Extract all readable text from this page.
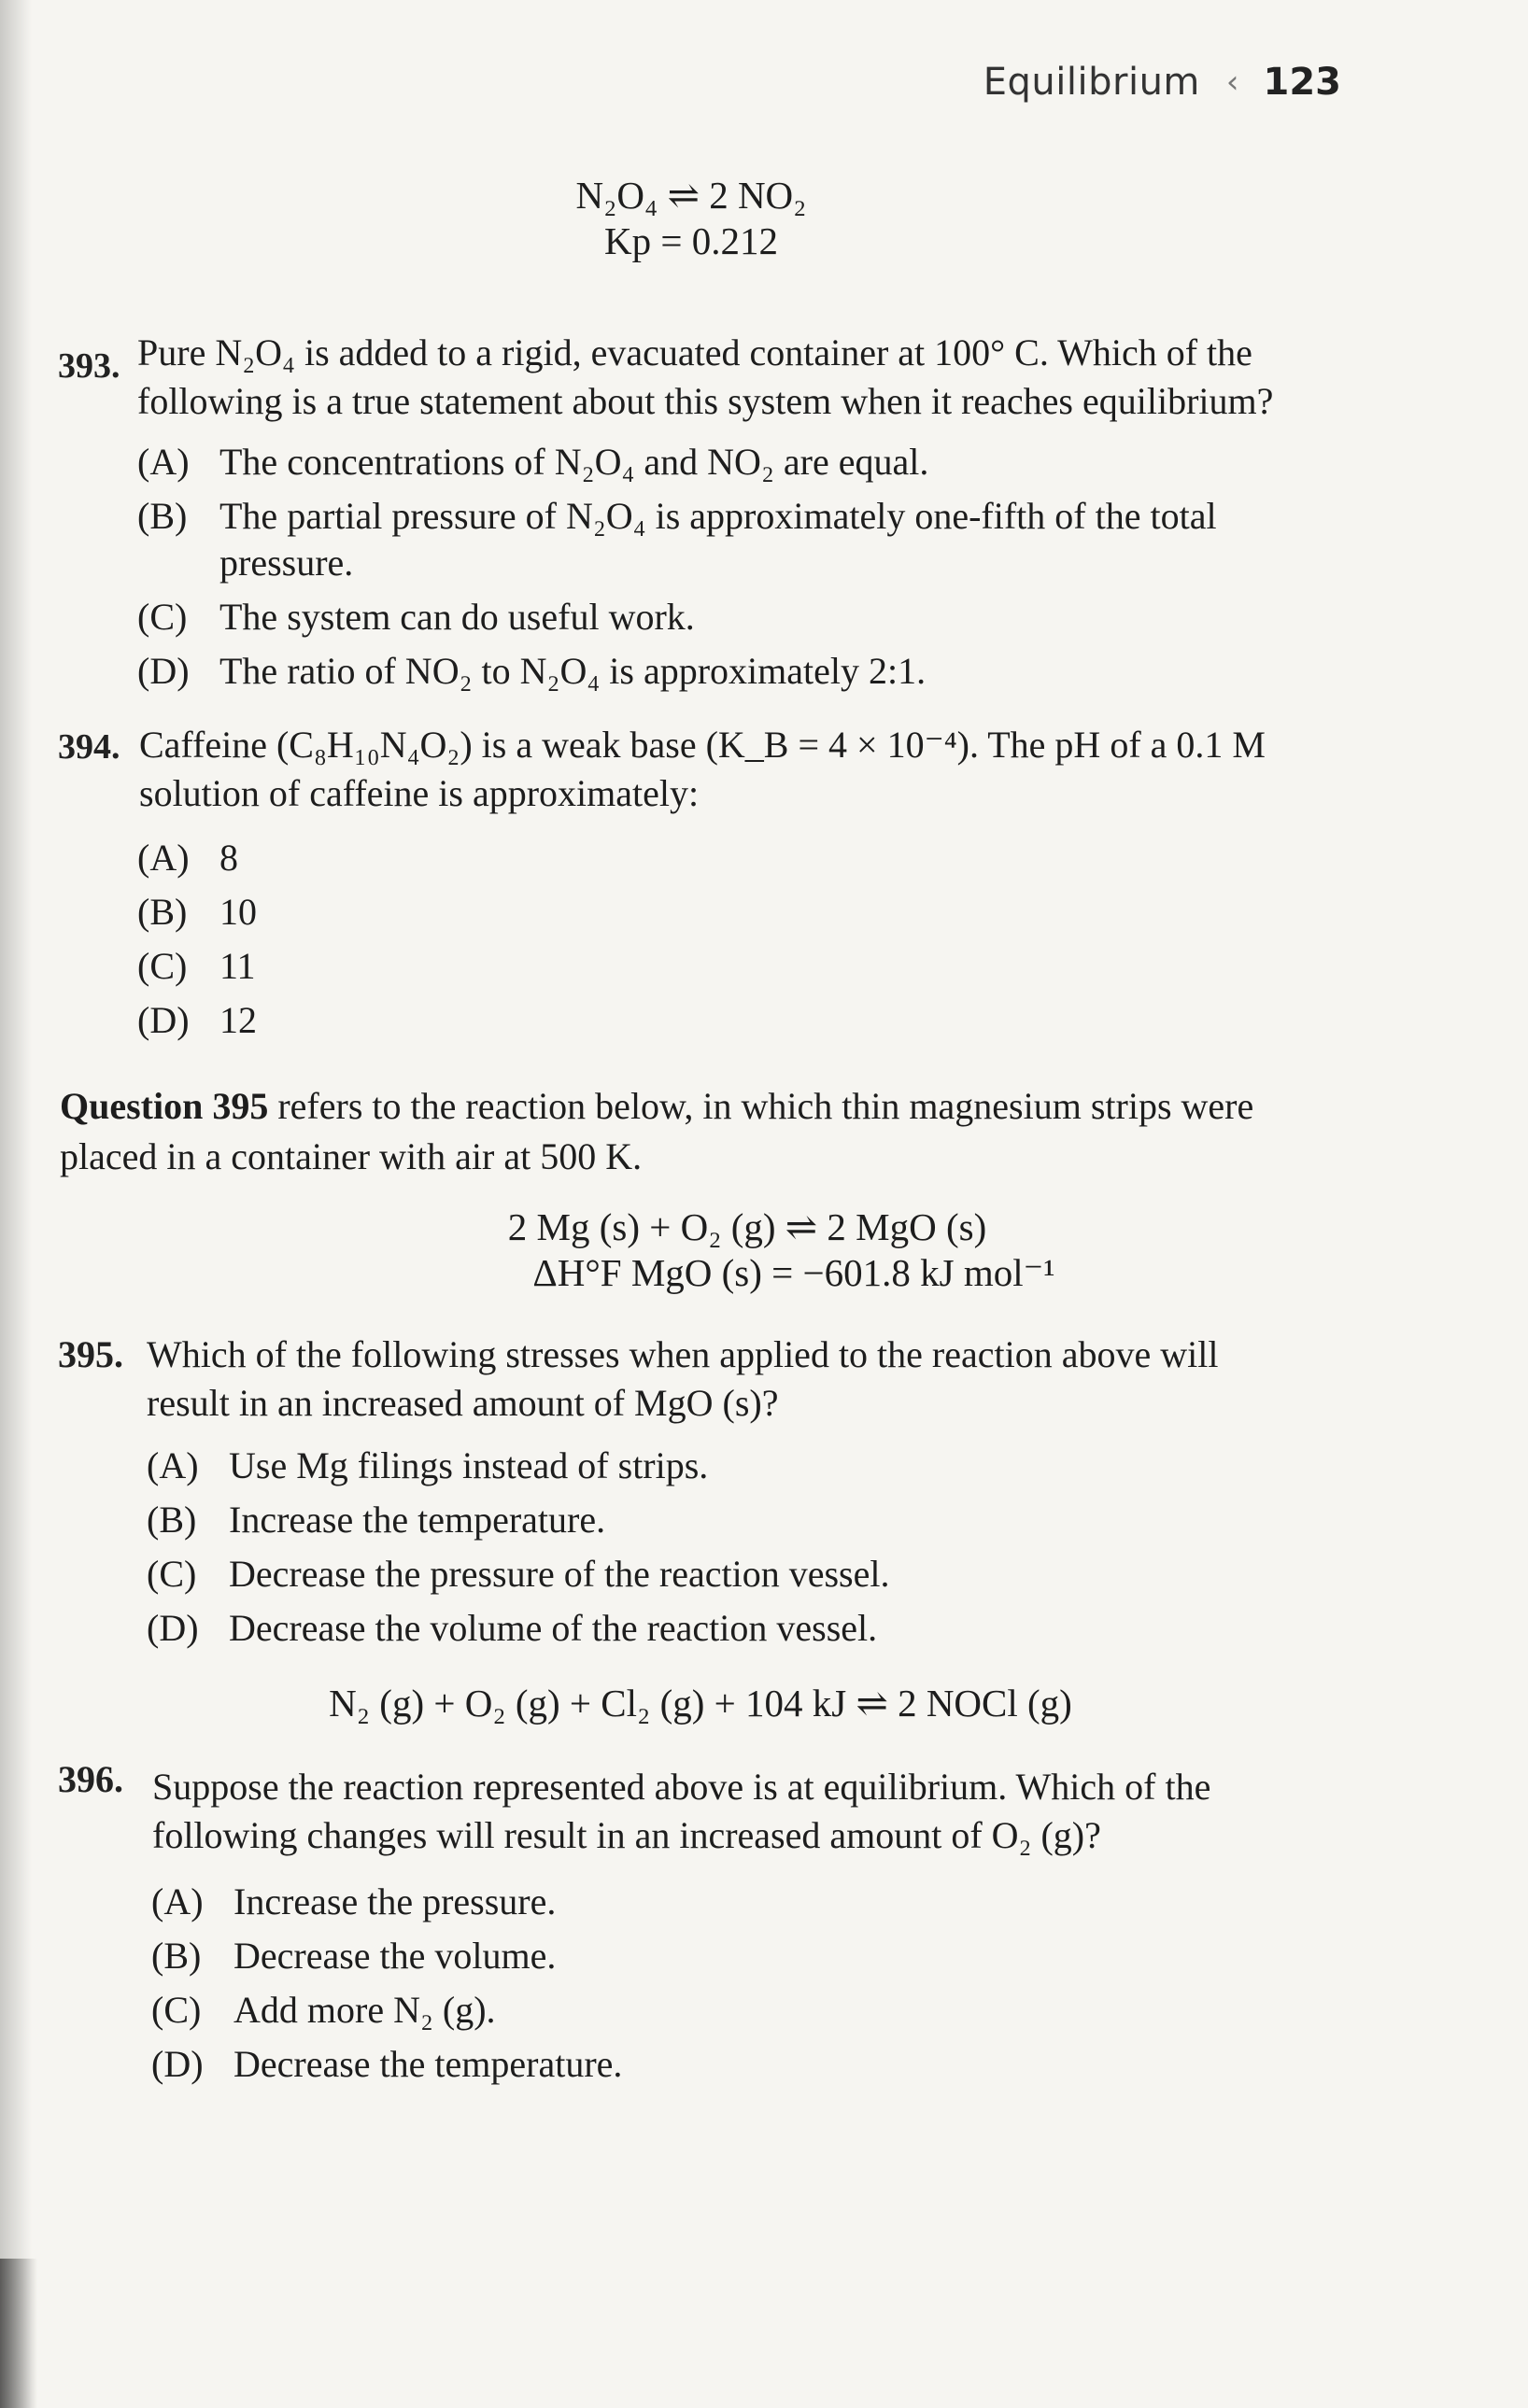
Equilibrium ‹ 123
N₂O₄ ⇌ 2 NO₂
Kp = 0.212
393. Pure N₂O₄ is added to a rigid, evacuated container at 100° C. Which of the
following is a true statement about this system when it reaches equilibrium?
(A) The concentrations of N₂O₄ and NO₂ are equal.
(B) The partial pressure of N₂O₄ is approximately one-fifth of the total
pressure.
(C) The system can do useful work.
(D) The ratio of NO₂ to N₂O₄ is approximately 2:1.
394. Caffeine (C₈H₁₀N₄O₂) is a weak base (K_B = 4 × 10⁻⁴). The pH of a 0.1 M
solution of caffeine is approximately:
(A) 8
(B) 10
(C) 11
(D) 12
Question 395 refers to the reaction below, in which thin magnesium strips were
placed in a container with air at 500 K.
2 Mg (s) + O₂ (g) ⇌ 2 MgO (s)
ΔH°F MgO (s) = −601.8 kJ mol⁻¹
395. Which of the following stresses when applied to the reaction above will
result in an increased amount of MgO (s)?
(A) Use Mg filings instead of strips.
(B) Increase the temperature.
(C) Decrease the pressure of the reaction vessel.
(D) Decrease the volume of the reaction vessel.
N₂ (g) + O₂ (g) + Cl₂ (g) + 104 kJ ⇌ 2 NOCl (g)
396. Suppose the reaction represented above is at equilibrium. Which of the
following changes will result in an increased amount of O₂ (g)?
(A) Increase the pressure.
(B) Decrease the volume.
(C) Add more N₂ (g).
(D) Decrease the temperature.
